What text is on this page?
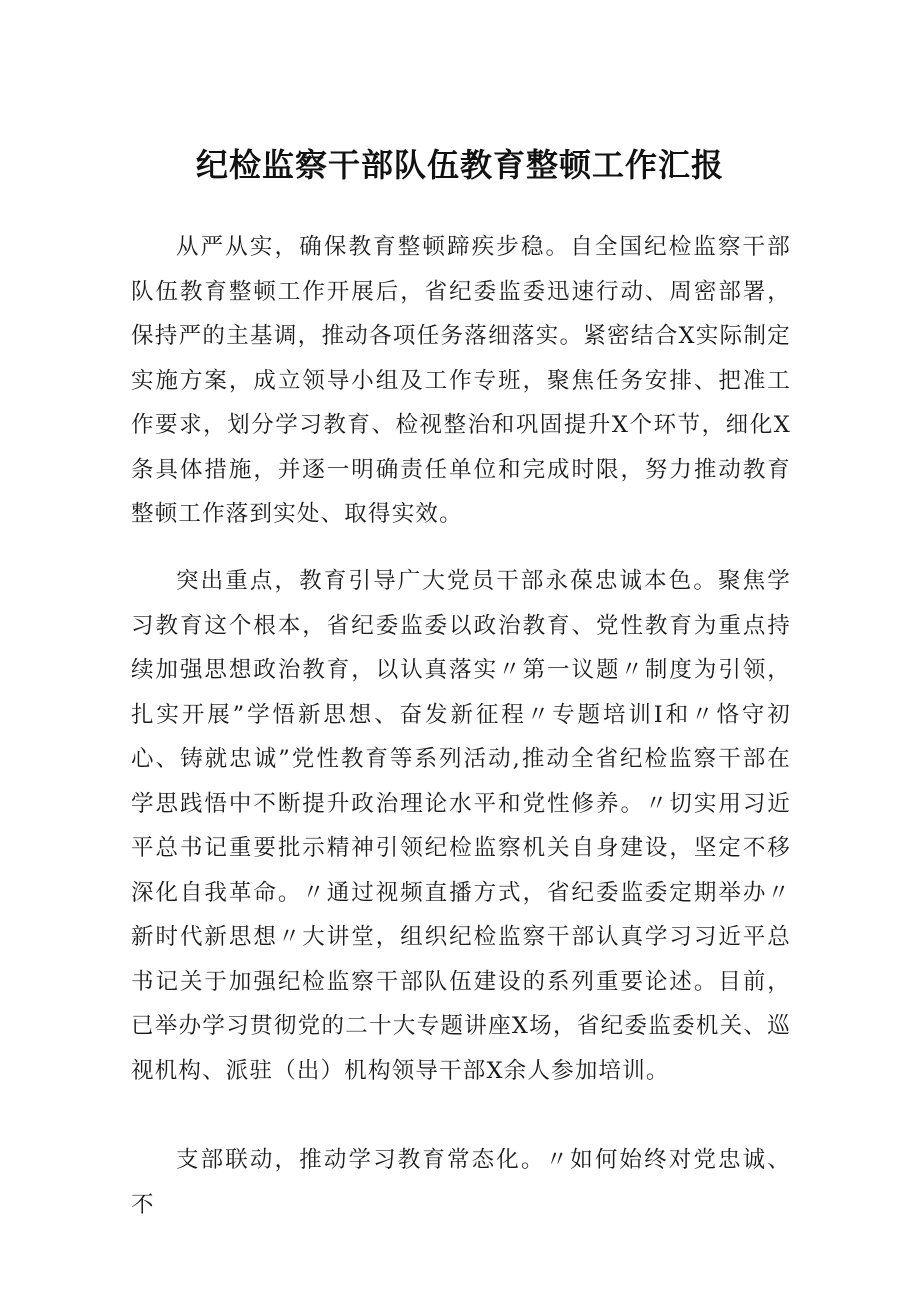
纪检监察干部队伍教育整顿工作汇报

从严从实，确保教育整顿蹄疾步稳。自全国纪检监察干部队伍教育整顿工作开展后，省纪委监委迅速行动、周密部署，保持严的主基调，推动各项任务落细落实。紧密结合X实际制定实施方案，成立领导小组及工作专班，聚焦任务安排、把准工作要求，划分学习教育、检视整治和巩固提升X个环节，细化X条具体措施，并逐一明确责任单位和完成时限，努力推动教育整顿工作落到实处、取得实效。

突出重点，教育引导广大党员干部永葆忠诚本色。聚焦学习教育这个根本，省纪委监委以政治教育、党性教育为重点持续加强思想政治教育，以认真落实〃第一议题〃制度为引领，扎实开展”学悟新思想、奋发新征程〃专题培训I和〃恪守初心、铸就忠诚”党性教育等系列活动,推动全省纪检监察干部在学思践悟中不断提升政治理论水平和党性修养。〃切实用习近平总书记重要批示精神引领纪检监察机关自身建设，坚定不移深化自我革命。〃通过视频直播方式，省纪委监委定期举办〃新时代新思想〃大讲堂，组织纪检监察干部认真学习习近平总书记关于加强纪检监察干部队伍建设的系列重要论述。目前，已举办学习贯彻党的二十大专题讲座X场，省纪委监委机关、巡视机构、派驻（出）机构领导干部X余人参加培训。

支部联动，推动学习教育常态化。〃如何始终对党忠诚、不
